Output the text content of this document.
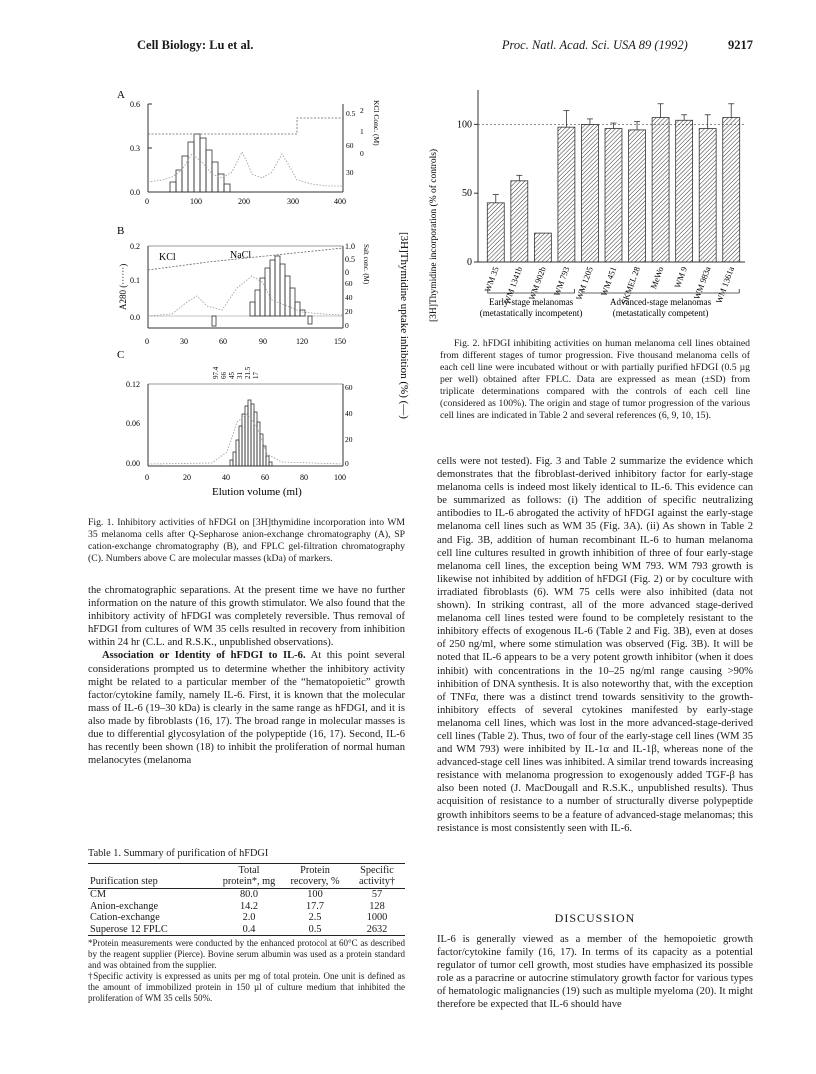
Cell Biology: Lu et al.	Proc. Natl. Acad. Sci. USA 89 (1992)	9217
A
0.6
0.3
0.0
60
30
0.5 2
1
0
KCl Conc. (M)
0	100	200	300	400
B
0.2
0.1
0.0
A280 (······)
1.0
0.5
0 Salt conc. (M)
60
40
20
0
KCl	NaCl
0	30	60	90	120	150
C
97.4 66 45 31 21.5 17
0.12
0.06
0.00
60
40
20
0
0	20	40	60	80	100
Elution volume (ml)
[3H]Thymidine uptake inhibition (%) (—)
Fig. 1. Inhibitory activities of hFDGI on [3H]thymidine incorporation into WM 35 melanoma cells after Q-Sepharose anion-exchange chromatography (A), SP cation-exchange chromatography (B), and FPLC gel-filtration chromatography (C). Numbers above C are molecular masses (kDa) of markers.

the chromatographic separations. At the present time we have no further information on the nature of this growth stimulator. We also found that the inhibitory activity of hFDGI was completely reversible. Thus removal of hFDGI from cultures of WM 35 cells resulted in recovery from inhibition within 24 hr (C.L. and R.S.K., unpublished observations).

Association or Identity of hFDGI to IL-6. At this point several considerations prompted us to determine whether the inhibitory activity might be related to a particular member of the “hematopoietic” growth factor/cytokine family, namely IL-6. First, it is known that the molecular mass of IL-6 (19–30 kDa) is clearly in the same range as hFDGI, and it is also made by fibroblasts (16, 17). The broad range in molecular masses is due to differential glycosylation of the polypeptide (16, 17). Second, IL-6 has recently been shown (18) to inhibit the proliferation of normal human melanocytes (melanoma

Table 1. Summary of purification of hFDGI
Purification step	Total protein*, mg	Protein recovery, %	Specific activity†
CM	80.0	100	57
Anion-exchange	14.2	17.7	128
Cation-exchange	2.0	2.5	1000
Superose 12 FPLC	0.4	0.5	2632

*Protein measurements were conducted by the enhanced protocol at 60°C as described by the reagent supplier (Pierce). Bovine serum albumin was used as a protein standard and was obtained from the supplier.

†Specific activity is expressed as units per mg of total protein. One unit is defined as the amount of immobilized protein in 150 µl of culture medium that inhibited the proliferation of WM 35 cells 50%.

0
50
100
[3H]Thymidine incorporation (% of controls)	WM 35 WM 1341b WM 902b WM 793 WM 1205 WM 451 SKMEL 28 MeWo WM 9 WM 983a WM 1361a
Early-stage melanomas
(metastatically incompetent)
Advanced-stage melanomas
(metastatically competent)
Fig. 2. hFDGI inhibiting activities on human melanoma cell lines obtained from different stages of tumor progression. Five thousand melanoma cells of each cell line were incubated without or with partially purified hFDGI (0.5 µg per well) obtained after FPLC. Data are expressed as mean (±SD) from triplicate determinations compared with the controls of each cell line (considered as 100%). The origin and stage of tumor progression of the various cell lines are indicated in Table 2 and several references (6, 9, 10, 15).

cells were not tested). Fig. 3 and Table 2 summarize the evidence which demonstrates that the fibroblast-derived inhibitory factor for early-stage melanoma cells is indeed most likely identical to IL-6. This evidence can be summarized as follows: (i) The addition of specific neutralizing antibodies to IL-6 abrogated the activity of hFDGI against the early-stage melanoma cell lines such as WM 35 (Fig. 3A). (ii) As shown in Table 2 and Fig. 3B, addition of human recombinant IL-6 to human melanoma cell line cultures resulted in growth inhibition of three of four early-stage melanoma cell lines, the exception being WM 793. WM 793 growth is likewise not inhibited by addition of hFDGI (Fig. 2) or by coculture with irradiated fibroblasts (6). WM 75 cells were also inhibited (data not shown). In striking contrast, all of the more advanced stage-derived melanoma cell lines tested were found to be completely resistant to the inhibitory effects of exogenous IL-6 (Table 2 and Fig. 3B), even at doses of 250 ng/ml, where some stimulation was observed (Fig. 3B). It will be noted that IL-6 appears to be a very potent growth inhibitor (when it does inhibit) with concentrations in the 10–25 ng/ml range causing >90% inhibition of DNA synthesis. It is also noteworthy that, with the exception of TNFα, there was a distinct trend towards sensitivity to the growth-inhibitory effects of several cytokines manifested by early-stage melanoma cell lines, which was lost in the more advanced-stage-derived cell lines (Table 2). Thus, two of four of the early-stage cell lines (WM 35 and WM 793) were inhibited by IL-1α and IL-1β, whereas none of the advanced-stage cell lines was inhibited. A similar trend towards increasing resistance with melanoma progression to exogenously added TGF-β has also been noted (J. MacDougall and R.S.K., unpublished results). Thus acquisition of resistance to a number of structurally diverse polypeptide growth inhibitors seems to be a feature of advanced-stage melanomas; this resistance is most consistently seen with IL-6.

DISCUSSION

IL-6 is generally viewed as a member of the hemopoietic growth factor/cytokine family (16, 17). In terms of its capacity as a potential regulator of tumor cell growth, most studies have emphasized its possible role as a paracrine or autocrine stimulatory growth factor for various types of hematologic malignancies (19) such as multiple myeloma (20). It might therefore be expected that IL-6 should have
